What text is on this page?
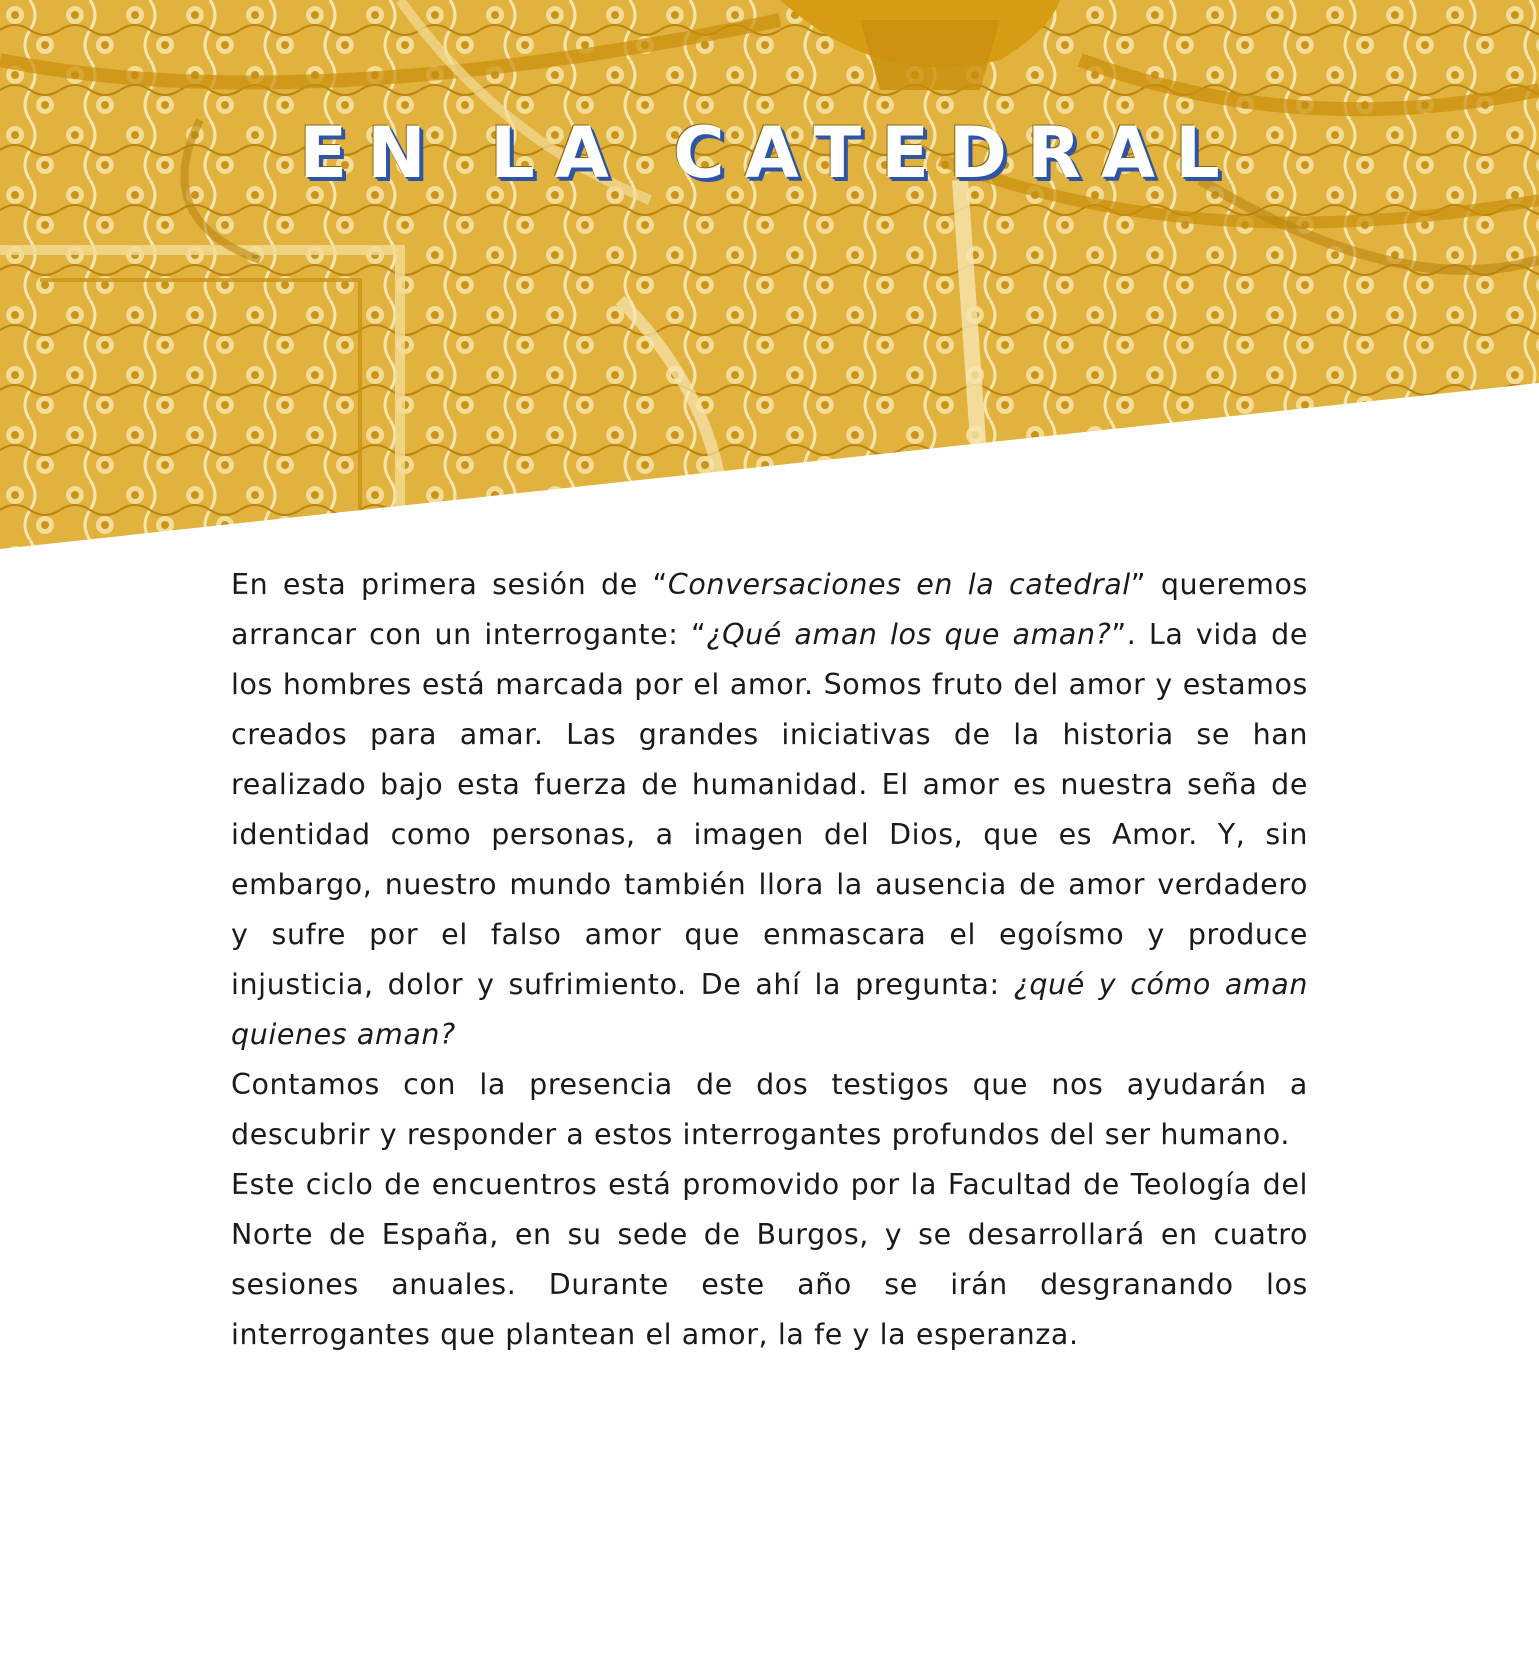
EN LA CATEDRAL

En esta primera sesión de “Conversaciones en la catedral” queremos arrancar con un interrogante: “¿Qué aman los que aman?”. La vida de los hombres está marcada por el amor. Somos fruto del amor y estamos creados para amar. Las grandes iniciativas de la historia se han realizado bajo esta fuerza de humanidad. El amor es nuestra seña de identidad como personas, a imagen del Dios, que es Amor. Y, sin embargo, nuestro mundo también llora la ausencia de amor verdadero y sufre por el falso amor que enmascara el egoísmo y produce injusticia, dolor y sufrimiento. De ahí la pregunta: ¿qué y cómo aman quienes aman?

Contamos con la presencia de dos testigos que nos ayudarán a descubrir y responder a estos interrogantes profundos del ser humano.

Este ciclo de encuentros está promovido por la Facultad de Teología del Norte de España, en su sede de Burgos, y se desarrollará en cuatro sesiones anuales. Durante este año se irán desgranando los interrogantes que plantean el amor, la fe y la esperanza.
